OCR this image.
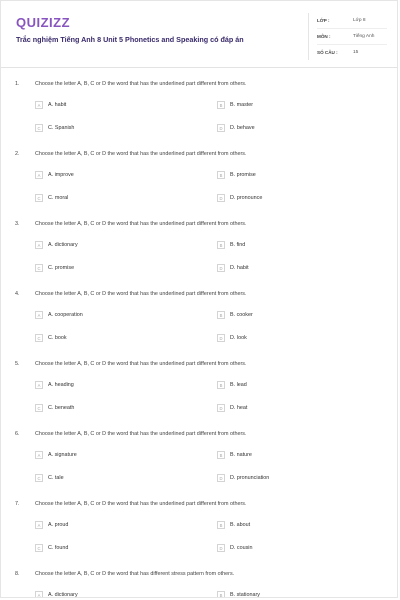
QUIZIZZ
Trắc nghiệm Tiếng Anh 8 Unit 5 Phonetics and Speaking có đáp án
LỚP :	Lớp 8
MÔN :	Tiếng Anh
SỐ CÂU :	15
1.	Choose the letter A, B, C or D the word that has the underlined part different from others.
A	A. habit	B	B. master
C	C. Spanish	D	D. behave
2.	Choose the letter A, B, C or D the word that has the underlined part different from others.
A	A. improve	B	B. promise
C	C. moral	D	D. pronounce
3.	Choose the letter A, B, C or D the word that has the underlined part different from others.
A	A. dictionary	B	B. find
C	C. promise	D	D. habit
4.	Choose the letter A, B, C or D the word that has the underlined part different from others.
A	A. cooperation	B	B. cooker
C	C. book	D	D. look
5.	Choose the letter A, B, C or D the word that has the underlined part different from others.
A	A. heading	B	B. lead
C	C. beneath	D	D. heat
6.	Choose the letter A, B, C or D the word that has the underlined part different from others.
A	A. signature	B	B. nature
C	C. tale	D	D. pronunciation
7.	Choose the letter A, B, C or D the word that has the underlined part different from others.
A	A. proud	B	B. about
C	C. found	D	D. cousin
8.	Choose the letter A, B, C or D the word that has different stress pattern from others.
A	A. dictionary	B	B. stationary
